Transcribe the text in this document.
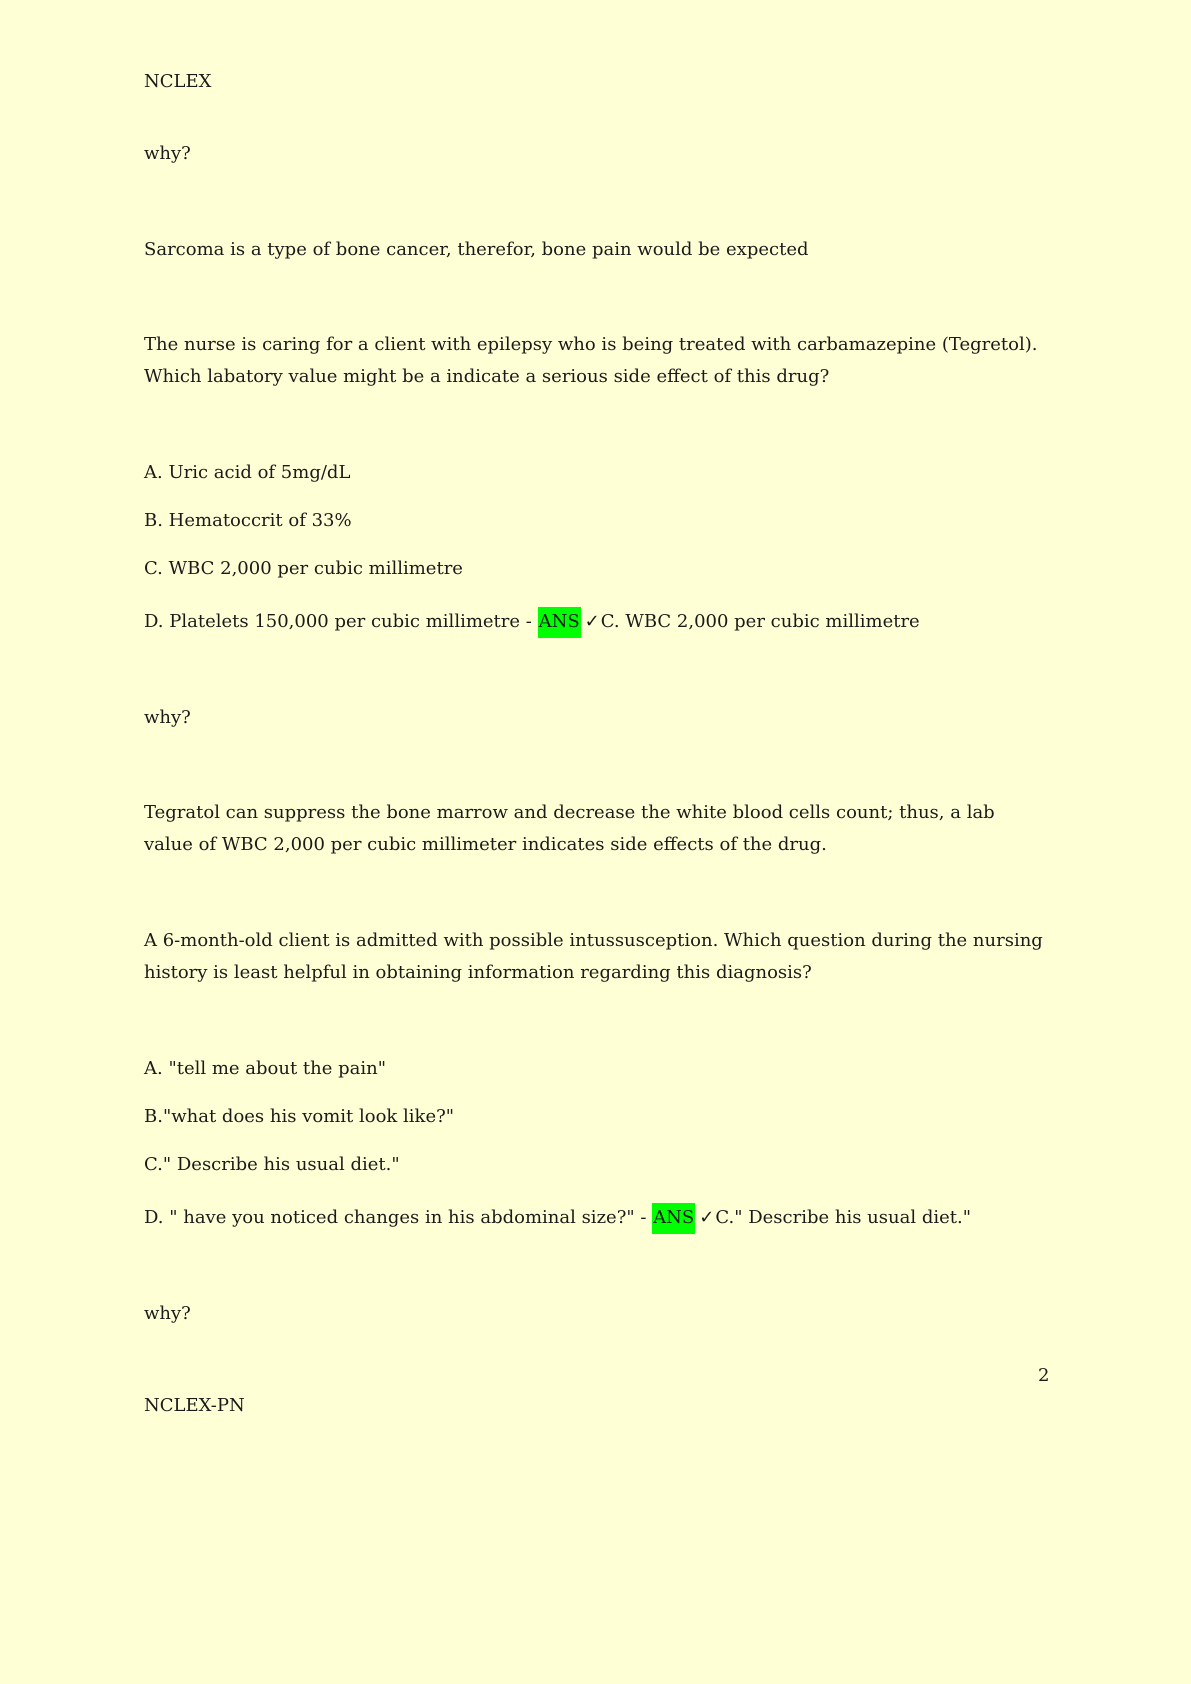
NCLEX
why?
Sarcoma is a type of bone cancer, therefor, bone pain would be expected
The nurse is caring for a client with epilepsy who is being treated with carbamazepine (Tegretol). Which labatory value might be a indicate a serious side effect of this drug?
A. Uric acid of 5mg/dL
B. Hematoccrit of 33%
C. WBC 2,000 per cubic millimetre
D. Platelets 150,000 per cubic millimetre - ANS ✓C. WBC 2,000 per cubic millimetre
why?
Tegratol can suppress the bone marrow and decrease the white blood cells count; thus, a lab value of WBC 2,000 per cubic millimeter indicates side effects of the drug.
A 6-month-old client is admitted with possible intussusception. Which question during the nursing history is least helpful in obtaining information regarding this diagnosis?
A. "tell me about the pain"
B."what does his vomit look like?"
C." Describe his usual diet."
D. " have you noticed changes in his abdominal size?" - ANS ✓C." Describe his usual diet."
why?
2
NCLEX-PN
